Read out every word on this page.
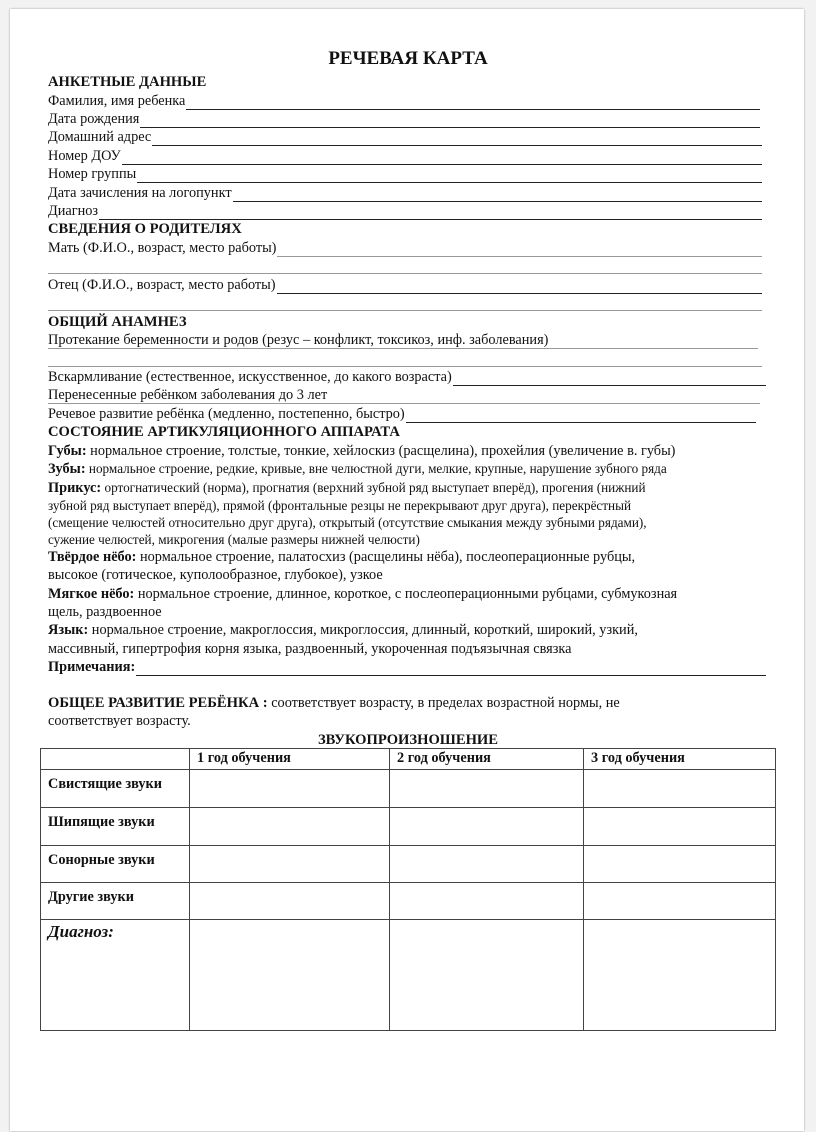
РЕЧЕВАЯ КАРТА
АНКЕТНЫЕ ДАННЫЕ
Фамилия, имя ребенка
Дата рождения
Домашний адрес
Номер ДОУ
Номер группы
Дата зачисления на логопункт
Диагноз
СВЕДЕНИЯ О РОДИТЕЛЯХ
Мать (Ф.И.О., возраст, место работы)
Отец (Ф.И.О., возраст, место работы)
ОБЩИЙ АНАМНЕЗ
Протекание беременности и родов (резус – конфликт, токсикоз, инф. заболевания)
Вскармливание (естественное, искусственное, до какого возраста)
Перенесенные ребёнком заболевания до 3 лет
Речевое развитие ребёнка (медленно, постепенно, быстро)
СОСТОЯНИЕ АРТИКУЛЯЦИОННОГО АППАРАТА
Губы: нормальное строение, толстые, тонкие, хейлоскиз (расщелина), прохейлия (увеличение в. губы)
Зубы: нормальное строение, редкие, кривые, вне челюстной дуги, мелкие, крупные, нарушение зубного ряда
Прикус: ортогнатический (норма), прогнатия (верхний зубной ряд выступает вперёд), прогения (нижний
зубной ряд выступает вперёд), прямой (фронтальные резцы не перекрывают друг друга), перекрёстный
(смещение челюстей относительно друг друга), открытый (отсутствие смыкания между зубными рядами),
сужение челюстей, микрогения (малые размеры нижней челюсти)
Твёрдое нёбо: нормальное строение, палатосхиз (расщелины нёба), послеоперационные рубцы,
высокое (готическое, куполообразное, глубокое), узкое
Мягкое нёбо: нормальное строение, длинное, короткое, с послеоперационными рубцами, субмукозная
щель, раздвоенное
Язык: нормальное строение, макроглоссия, микроглоссия, длинный, короткий, широкий, узкий,
массивный, гипертрофия корня языка, раздвоенный, укороченная подъязычная связка
Примечания:
ОБЩЕЕ РАЗВИТИЕ РЕБЁНКА : соответствует возрасту, в пределах возрастной нормы, не
соответствует возрасту.
ЗВУКОПРОИЗНОШЕНИЕ
	1 год обучения	2 год обучения	3 год обучения
Свистящие звуки			
Шипящие звуки			
Сонорные звуки			
Другие звуки			
Диагноз:			
